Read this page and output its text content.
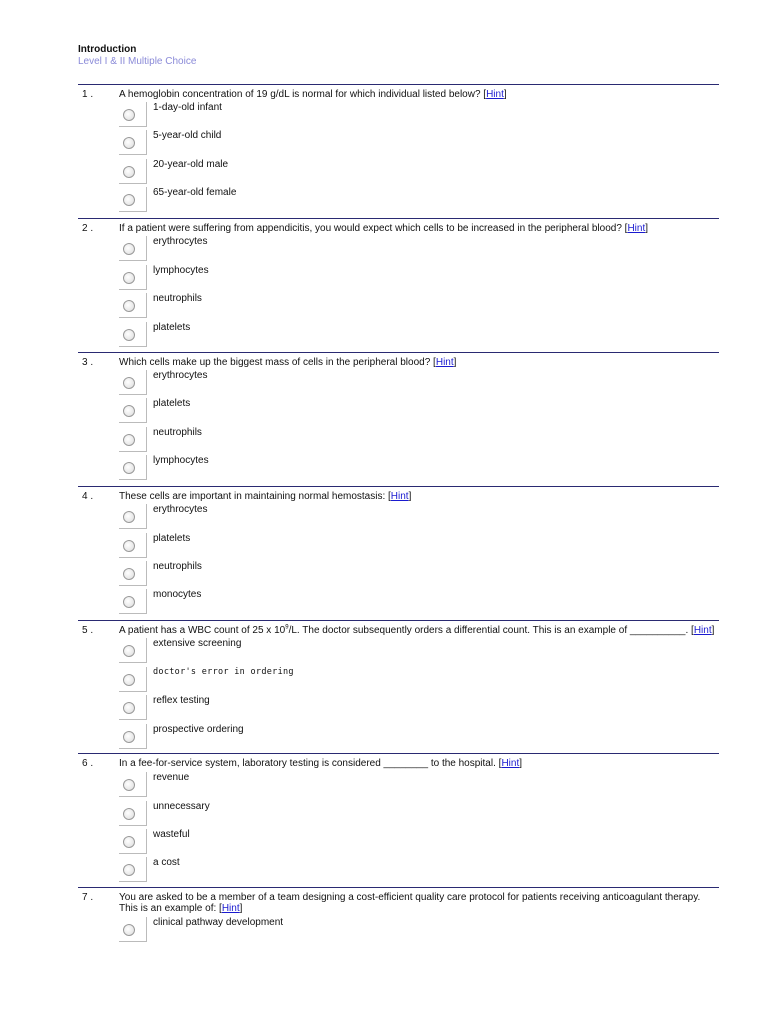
Introduction
Level I & II Multiple Choice
1 .	A hemoglobin concentration of 19 g/dL is normal for which individual listed below? [Hint]
1-day-old infant
5-year-old child
20-year-old male
65-year-old female
2 .	If a patient were suffering from appendicitis, you would expect which cells to be increased in the peripheral blood? [Hint]
erythrocytes
lymphocytes
neutrophils
platelets
3 .	Which cells make up the biggest mass of cells in the peripheral blood? [Hint]
erythrocytes
platelets
neutrophils
lymphocytes
4 .	These cells are important in maintaining normal hemostasis: [Hint]
erythrocytes
platelets
neutrophils
monocytes
5 .	A patient has a WBC count of 25 x $10^9/L$. The doctor subsequently orders a differential count. This is an example of __________. [Hint]
extensive screening
doctor's error in ordering
reflex testing
prospective ordering
6 .	In a fee-for-service system, laboratory testing is considered ________ to the hospital. [Hint]
revenue
unnecessary
wasteful
a cost
7 .	You are asked to be a member of a team designing a cost-efficient quality care protocol for patients receiving anticoagulant therapy. This is an example of: [Hint]
clinical pathway development
